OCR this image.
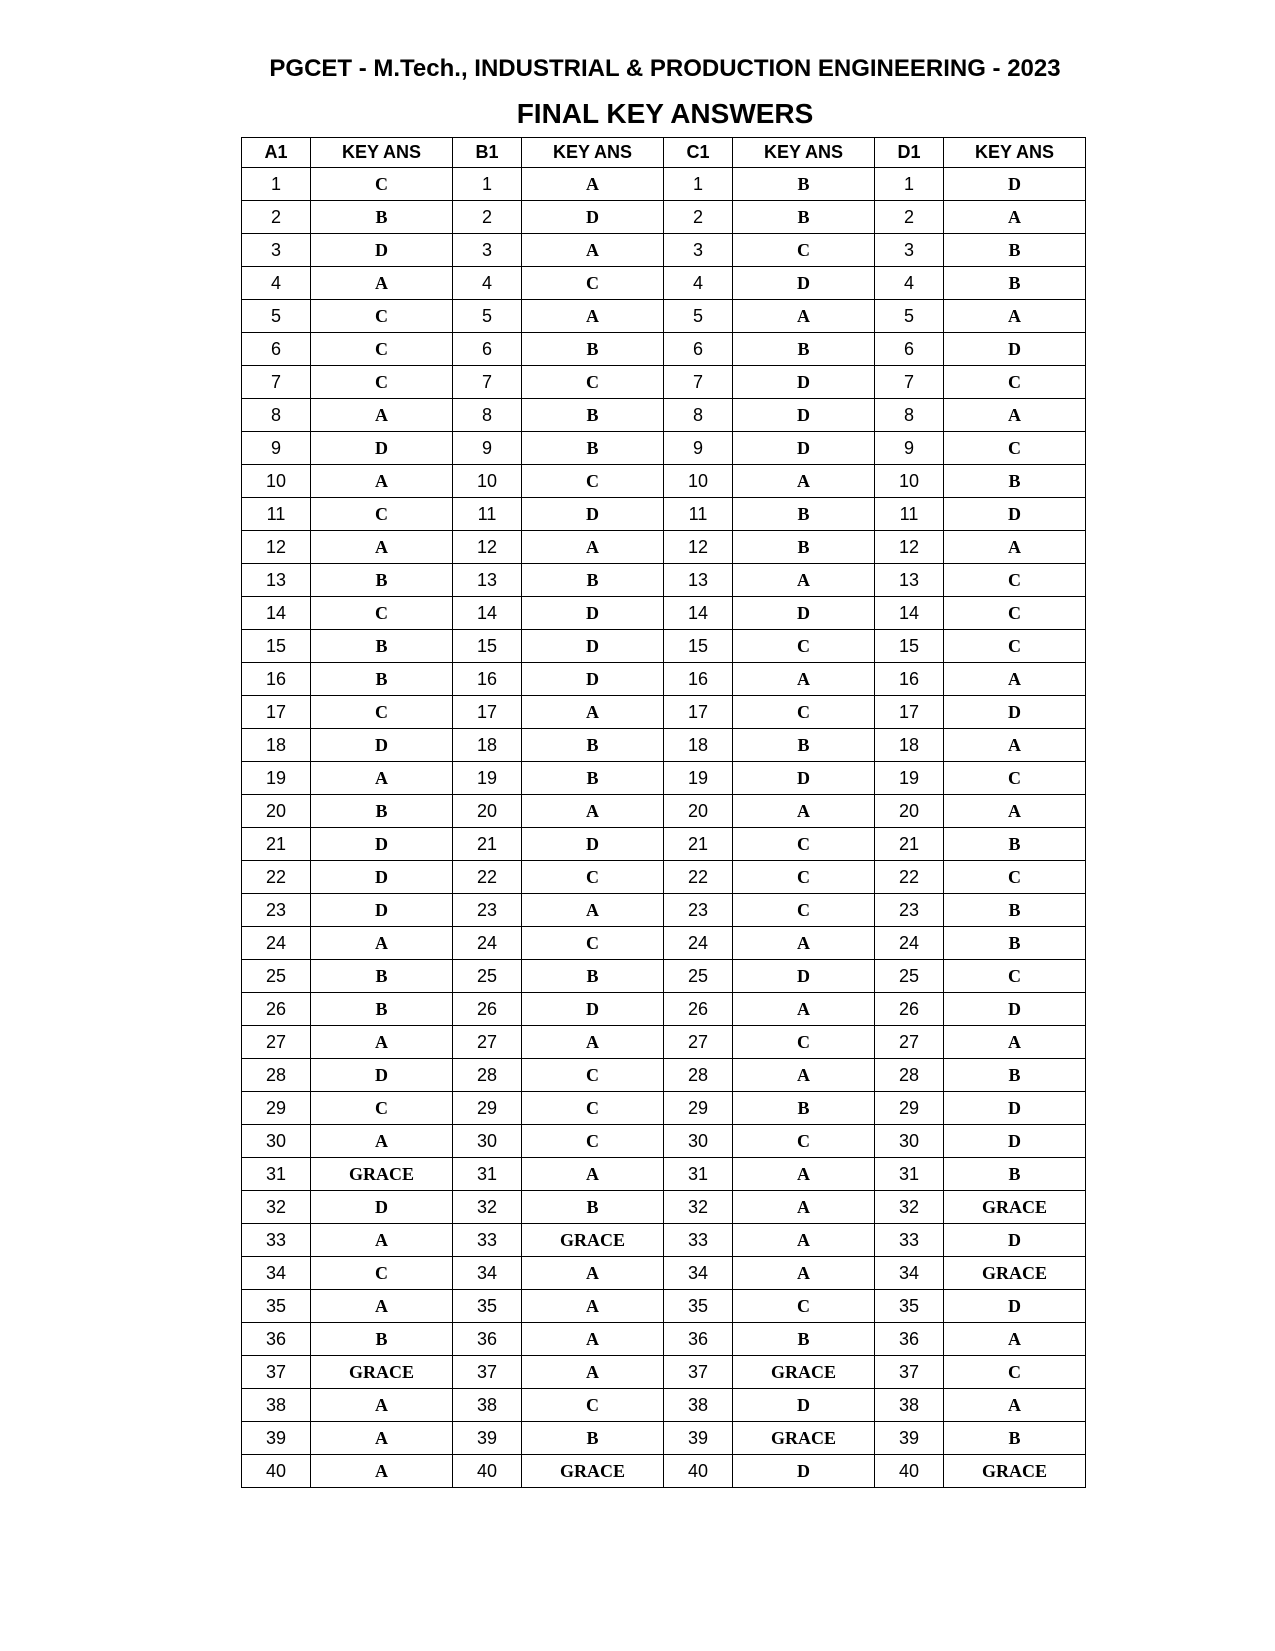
PGCET - M.Tech., INDUSTRIAL & PRODUCTION ENGINEERING - 2023
FINAL KEY ANSWERS
A1	KEY ANS	B1	KEY ANS	C1	KEY ANS	D1	KEY ANS
1	C	1	A	1	B	1	D
2	B	2	D	2	B	2	A
3	D	3	A	3	C	3	B
4	A	4	C	4	D	4	B
5	C	5	A	5	A	5	A
6	C	6	B	6	B	6	D
7	C	7	C	7	D	7	C
8	A	8	B	8	D	8	A
9	D	9	B	9	D	9	C
10	A	10	C	10	A	10	B
11	C	11	D	11	B	11	D
12	A	12	A	12	B	12	A
13	B	13	B	13	A	13	C
14	C	14	D	14	D	14	C
15	B	15	D	15	C	15	C
16	B	16	D	16	A	16	A
17	C	17	A	17	C	17	D
18	D	18	B	18	B	18	A
19	A	19	B	19	D	19	C
20	B	20	A	20	A	20	A
21	D	21	D	21	C	21	B
22	D	22	C	22	C	22	C
23	D	23	A	23	C	23	B
24	A	24	C	24	A	24	B
25	B	25	B	25	D	25	C
26	B	26	D	26	A	26	D
27	A	27	A	27	C	27	A
28	D	28	C	28	A	28	B
29	C	29	C	29	B	29	D
30	A	30	C	30	C	30	D
31	GRACE	31	A	31	A	31	B
32	D	32	B	32	A	32	GRACE
33	A	33	GRACE	33	A	33	D
34	C	34	A	34	A	34	GRACE
35	A	35	A	35	C	35	D
36	B	36	A	36	B	36	A
37	GRACE	37	A	37	GRACE	37	C
38	A	38	C	38	D	38	A
39	A	39	B	39	GRACE	39	B
40	A	40	GRACE	40	D	40	GRACE
